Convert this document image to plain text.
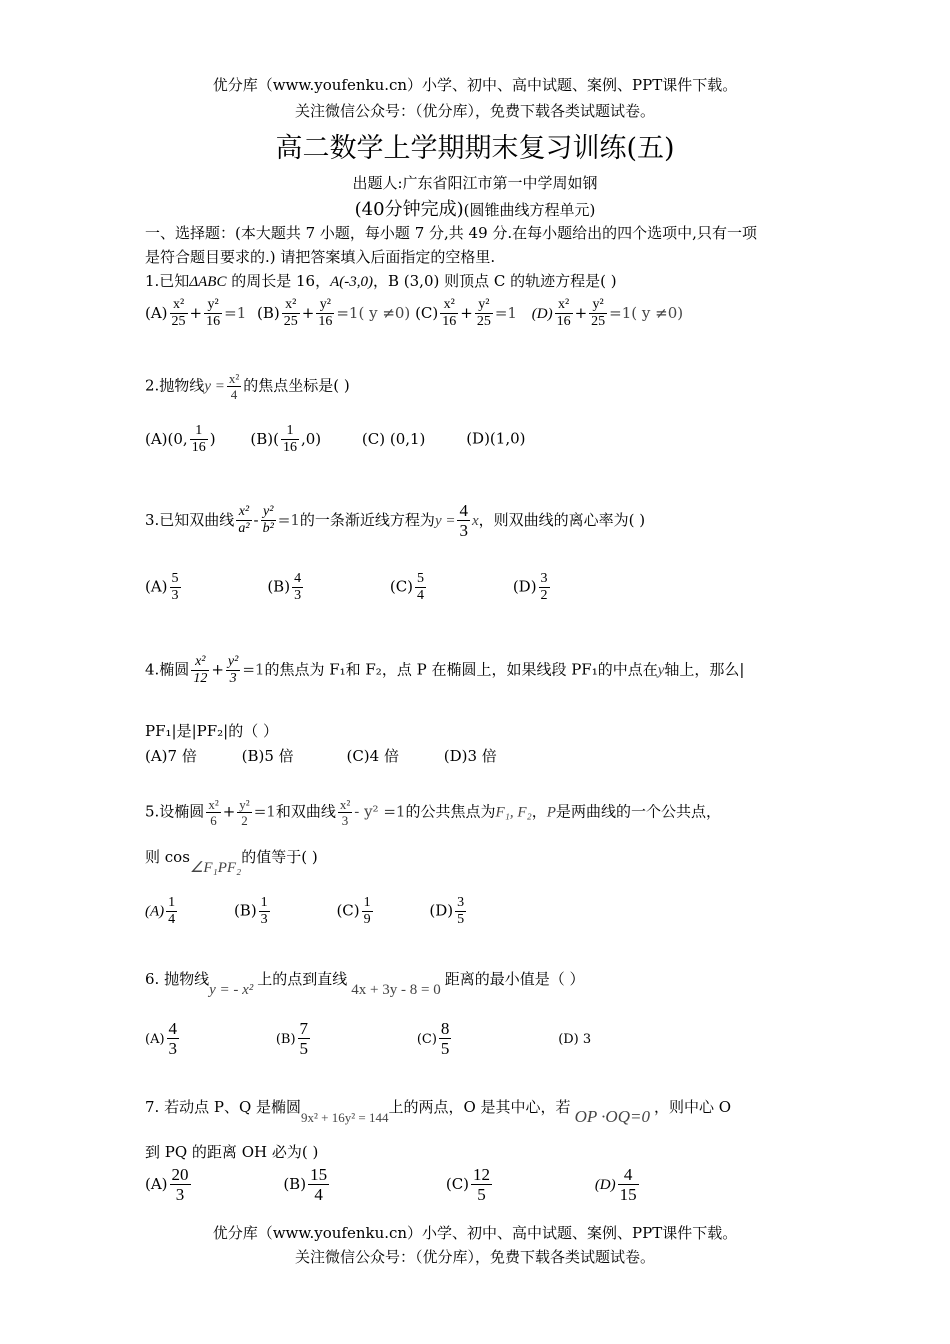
优分库（www.youfenku.cn）小学、初中、高中试题、案例、PPT课件下载。
关注微信公众号：（优分库），免费下载各类试题试卷。
高二数学上学期期末复习训练(五)
出题人:广东省阳江市第一中学周如钢
(40分钟完成)(圆锥曲线方程单元)
一、选择题：(本大题共 7 小题，每小题 7 分,共 49 分.在每小题给出的四个选项中,只有一项
是符合题目要求的.) 请把答案填入后面指定的空格里.
1.已知ΔABC 的周长是 16，A(-3,0)，B (3,0) 则顶点 C 的轨迹方程是( )
$(A) \frac{\text{x²}}{25} + \frac{\text{y²}}{16} =1$ $(B) \frac{\text{x²}}{25} + \frac{\text{y²}}{16} =1$( y ≠0) $(C) \frac{\text{x²}}{16} + \frac{\text{y²}}{25} =1$ $(D) \frac{\text{x²}}{16} + \frac{\text{y²}}{25} =1$( y ≠0)
2.抛物线$y = \frac{\text{x²}}{4}$ 的焦点坐标是( )
(A)(0, $\frac{1}{16}$ ) $(B)( \frac{1}{16} ,0)$	(C) (0,1)	(D)(1,0)
3.已知双曲线 $\frac{\text{x²}}{\text{a²}} - \frac{\text{y²}}{\text{b²}} =1$的一条渐近线方程为$y = \frac{4}{3}$ x，则双曲线的离心率为( )
$(A) \frac{5}{3}$	$(B) \frac{4}{3}$	$(C) \frac{5}{4}$	$(D) \frac{3}{2}$
4.椭圆 $\frac{\text{x²}}{12} + \frac{\text{y²}}{3} =1$的焦点为 F₁和 F₂，点 P 在椭圆上，如果线段 PF₁的中点在y轴上，那么|
PF₁|是|PF₂|的（ ）
(A)7 倍	(B)5 倍	(C)4 倍	(D)3 倍
5.设椭圆 $\frac{\text{x²}}{6} + \frac{\text{y²}}{2} =1$和双曲线 $\frac{\text{x²}}{3} - y^2 =1$的公共焦点为F₁, F₂，P是两曲线的一个公共点，
则 cos∠F₁PF₂的值等于( )
$(A) \frac{1}{4}$	$(B) \frac{1}{3}$	$(C) \frac{1}{9}$	$(D) \frac{3}{5}$
6. 抛物线y = - x²上的点到直线4x + 3y - 8 = 0距离的最小值是（ ）
$(A) \frac{4}{3}$	$(B) \frac{7}{5}$	$(C) \frac{8}{5}$	(D) 3
7. 若动点 P、Q 是椭圆9x² + 16y² = 144上的两点，O 是其中心，若 OP ·OQ=0 ，则中心 O
到 PQ 的距离 OH 必为( )
$(A) \frac{20}{3}$	$(B) \frac{15}{4}$	$(C) \frac{12}{5}$	$(D) \frac{4}{15}$
优分库（www.youfenku.cn）小学、初中、高中试题、案例、PPT课件下载。
关注微信公众号：（优分库），免费下载各类试题试卷。
